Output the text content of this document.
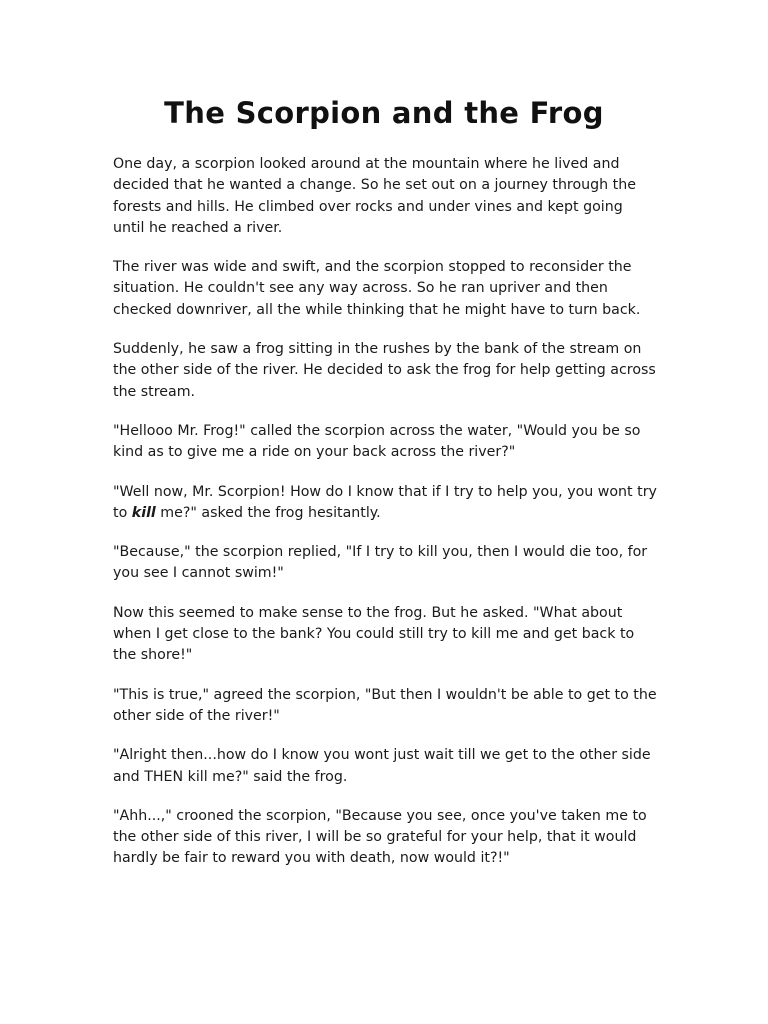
The Scorpion and the Frog

One day, a scorpion looked around at the mountain where he lived and decided that he wanted a change. So he set out on a journey through the forests and hills. He climbed over rocks and under vines and kept going until he reached a river.

The river was wide and swift, and the scorpion stopped to reconsider the situation. He couldn't see any way across. So he ran upriver and then checked downriver, all the while thinking that he might have to turn back.

Suddenly, he saw a frog sitting in the rushes by the bank of the stream on the other side of the river. He decided to ask the frog for help getting across the stream.

"Hellooo Mr. Frog!" called the scorpion across the water, "Would you be so kind as to give me a ride on your back across the river?"

"Well now, Mr. Scorpion! How do I know that if I try to help you, you wont try to kill me?" asked the frog hesitantly.

"Because," the scorpion replied, "If I try to kill you, then I would die too, for you see I cannot swim!"

Now this seemed to make sense to the frog. But he asked. "What about when I get close to the bank? You could still try to kill me and get back to the shore!"

"This is true," agreed the scorpion, "But then I wouldn't be able to get to the other side of the river!"

"Alright then...how do I know you wont just wait till we get to the other side and THEN kill me?" said the frog.

"Ahh...," crooned the scorpion, "Because you see, once you've taken me to the other side of this river, I will be so grateful for your help, that it would hardly be fair to reward you with death, now would it?!"
